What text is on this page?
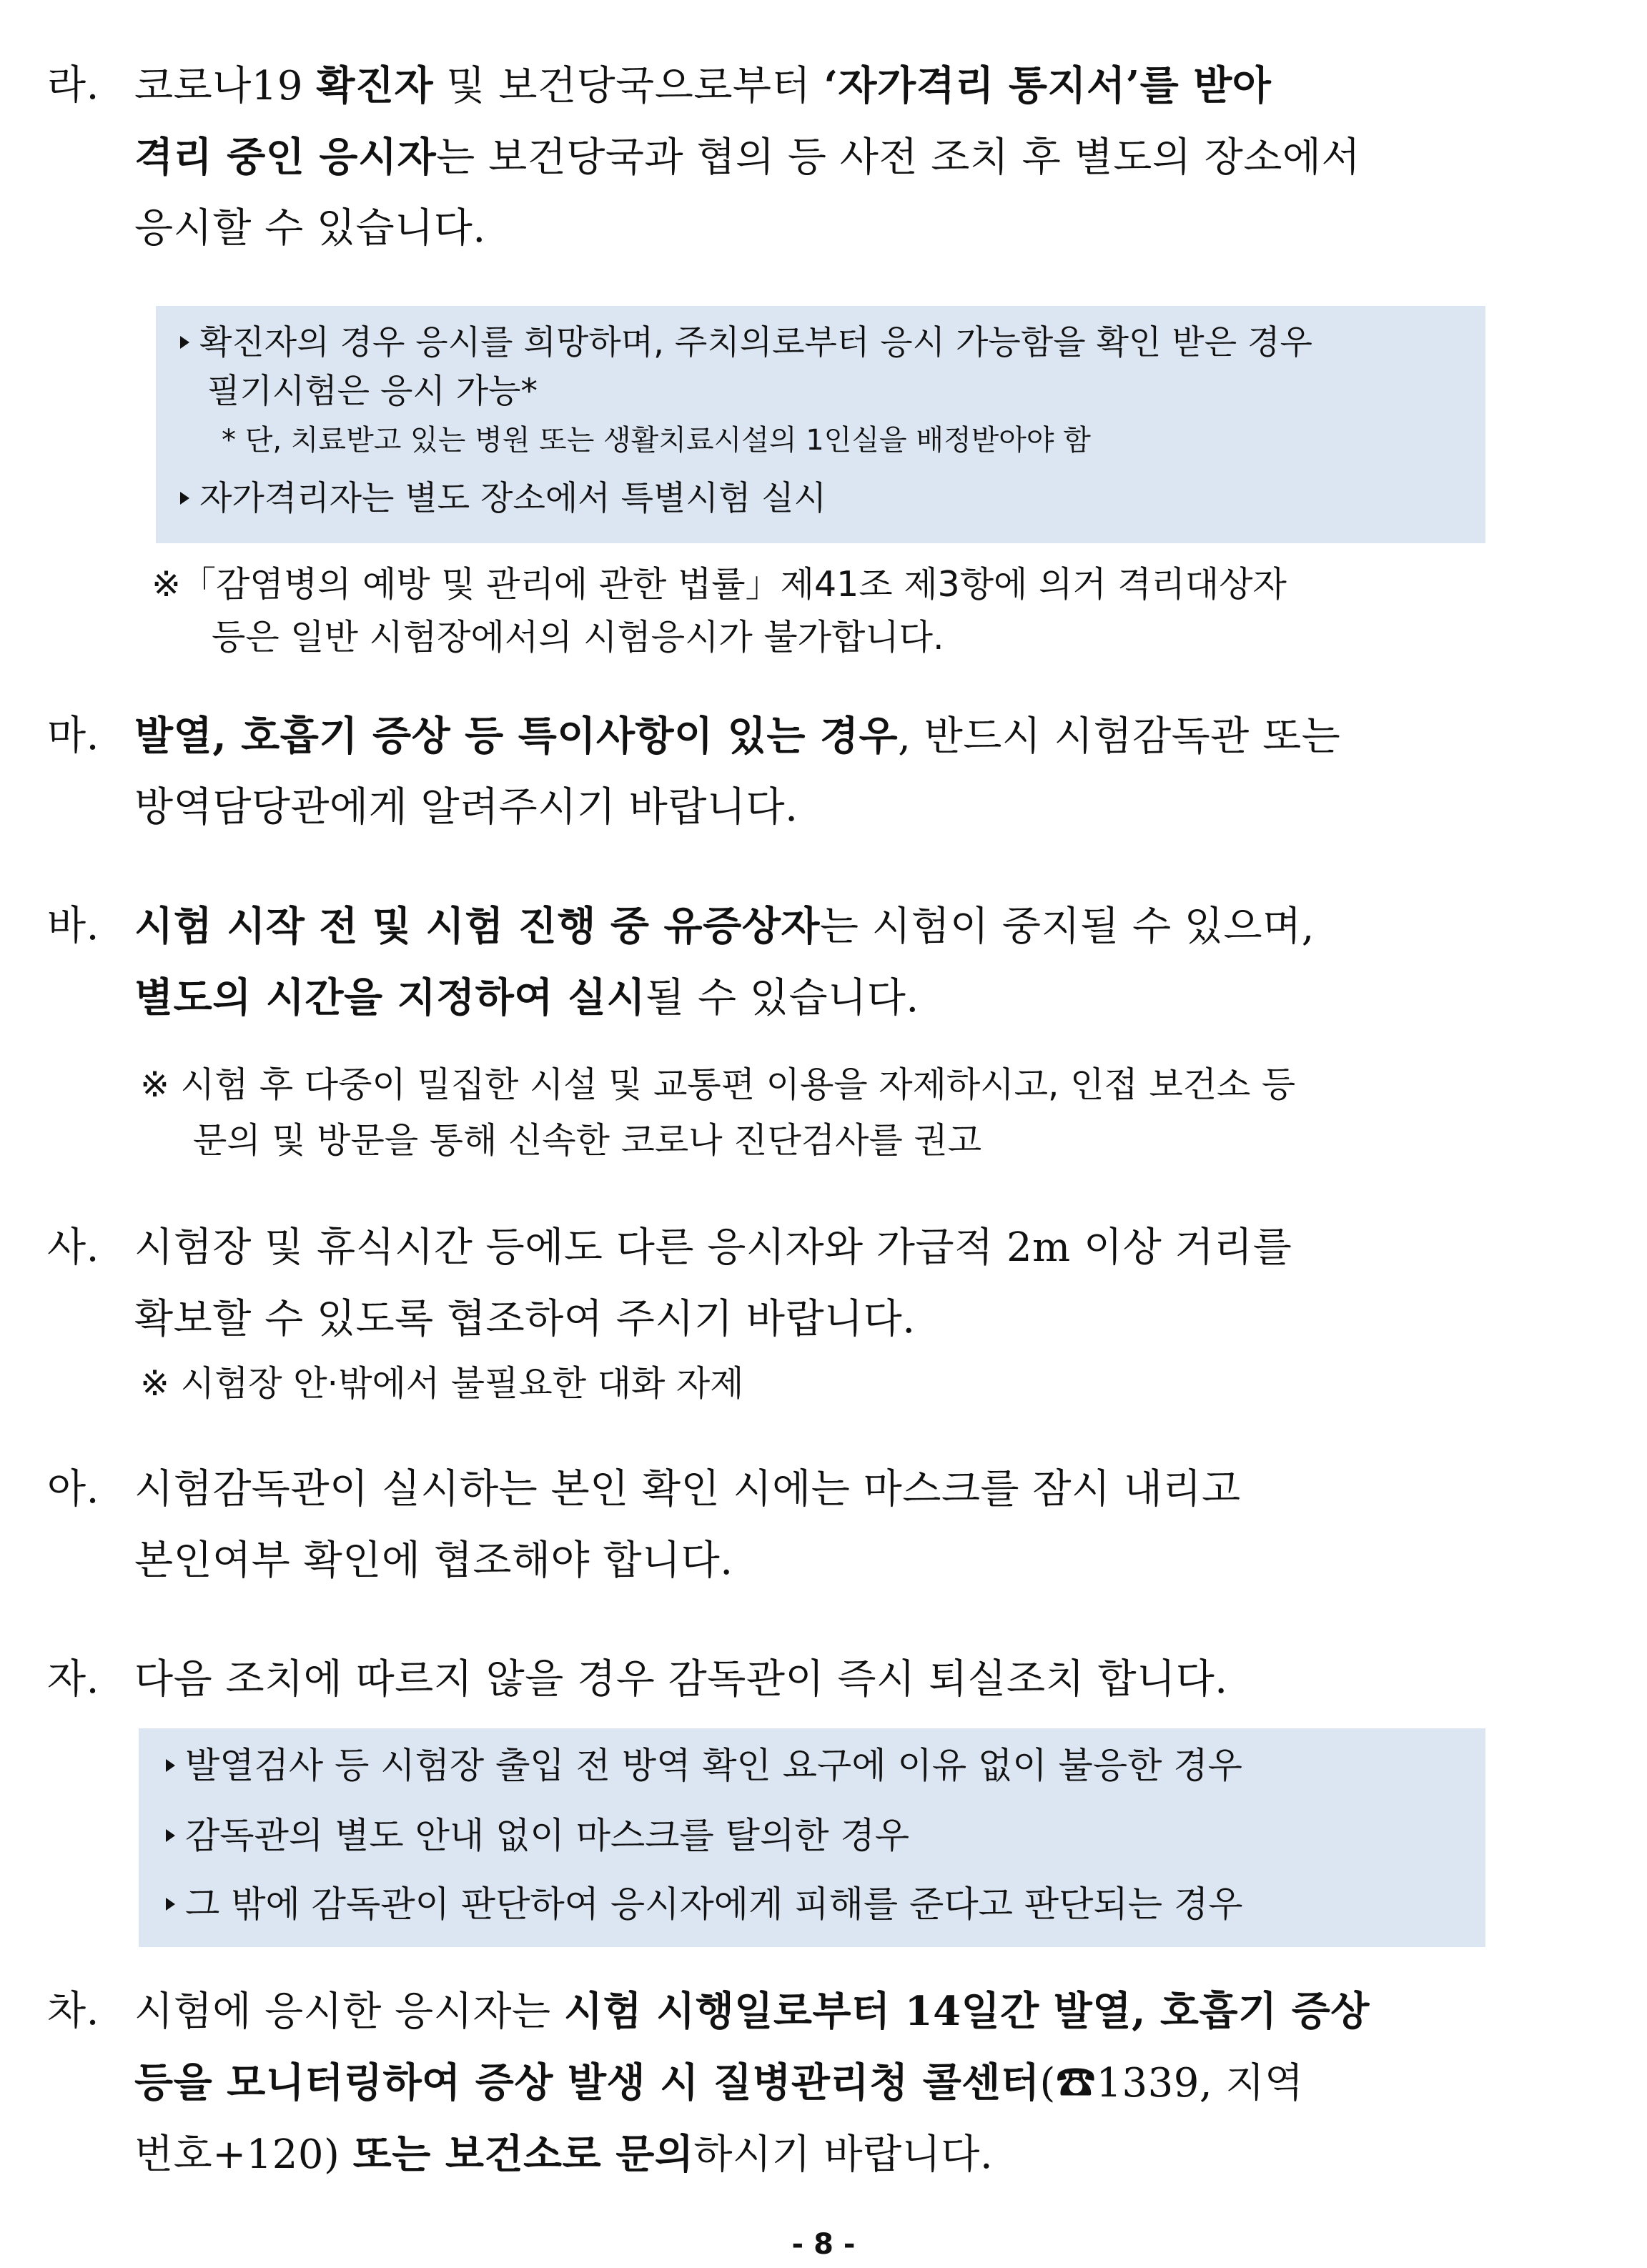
라. 코로나19 확진자 및 보건당국으로부터 ‘자가격리 통지서’를 받아
격리 중인 응시자는 보건당국과 협의 등 사전 조치 후 별도의 장소에서
응시할 수 있습니다.
확진자의 경우 응시를 희망하며, 주치의로부터 응시 가능함을 확인 받은 경우
필기시험은 응시 가능*
* 단, 치료받고 있는 병원 또는 생활치료시설의 1인실을 배정받아야 함
자가격리자는 별도 장소에서 특별시험 실시
※「감염병의 예방 및 관리에 관한 법률」제41조 제3항에 의거 격리대상자
등은 일반 시험장에서의 시험응시가 불가합니다.
마. 발열, 호흡기 증상 등 특이사항이 있는 경우, 반드시 시험감독관 또는
방역담당관에게 알려주시기 바랍니다.
바. 시험 시작 전 및 시험 진행 중 유증상자는 시험이 중지될 수 있으며,
별도의 시간을 지정하여 실시될 수 있습니다.
※ 시험 후 다중이 밀집한 시설 및 교통편 이용을 자제하시고, 인접 보건소 등
문의 및 방문을 통해 신속한 코로나 진단검사를 권고
사. 시험장 및 휴식시간 등에도 다른 응시자와 가급적 2m 이상 거리를
확보할 수 있도록 협조하여 주시기 바랍니다.
※ 시험장 안·밖에서 불필요한 대화 자제
아. 시험감독관이 실시하는 본인 확인 시에는 마스크를 잠시 내리고
본인여부 확인에 협조해야 합니다.
자. 다음 조치에 따르지 않을 경우 감독관이 즉시 퇴실조치 합니다.
발열검사 등 시험장 출입 전 방역 확인 요구에 이유 없이 불응한 경우
감독관의 별도 안내 없이 마스크를 탈의한 경우
그 밖에 감독관이 판단하여 응시자에게 피해를 준다고 판단되는 경우
차. 시험에 응시한 응시자는 시험 시행일로부터 14일간 발열, 호흡기 증상
등을 모니터링하여 증상 발생 시 질병관리청 콜센터(☎1339, 지역
번호+120) 또는 보건소로 문의하시기 바랍니다.
- 8 -
